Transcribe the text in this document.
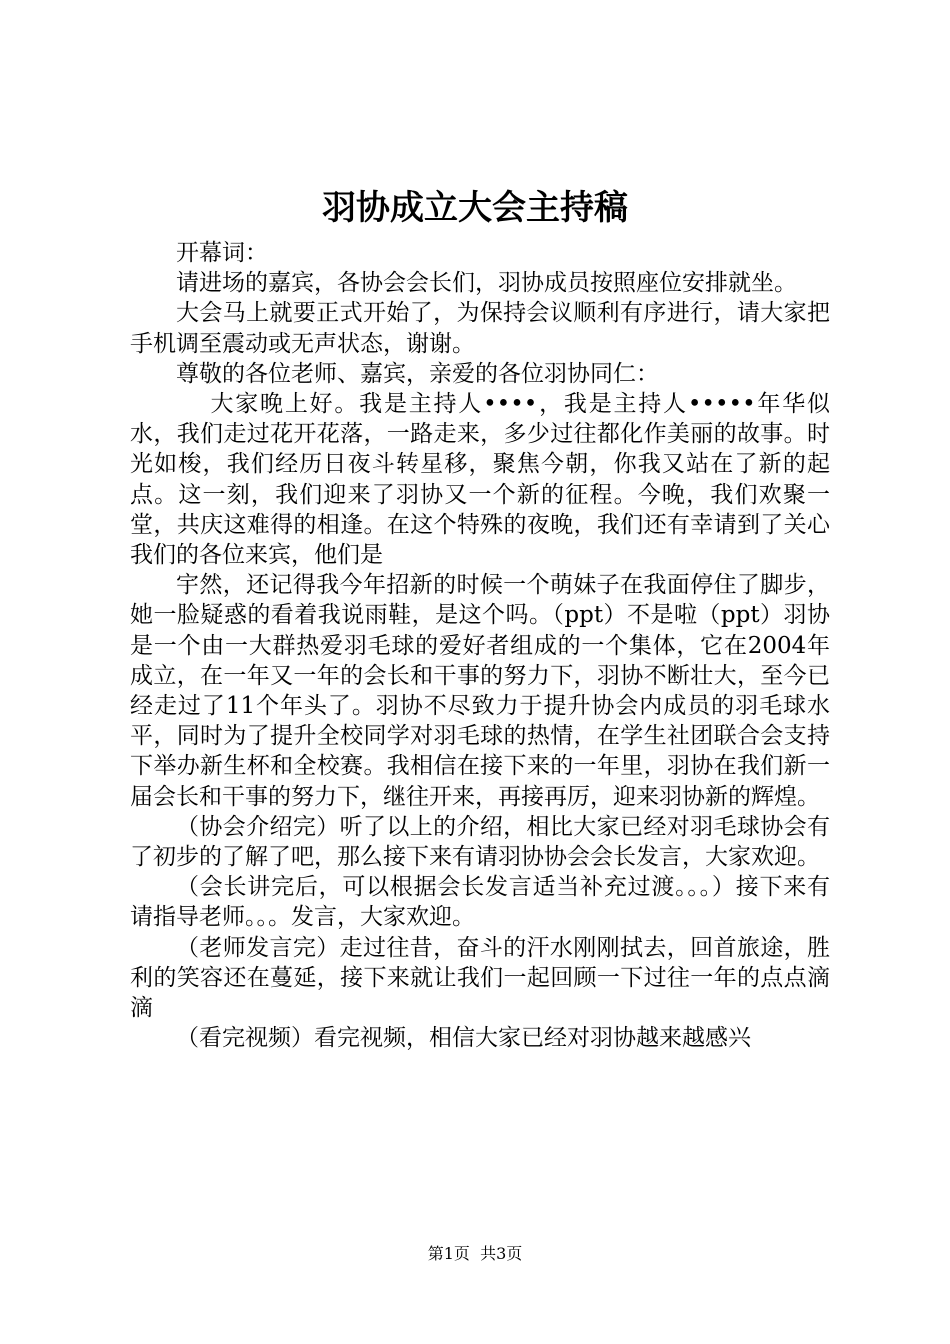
羽协成立大会主持稿

开幕词：

请进场的嘉宾，各协会会长们，羽协成员按照座位安排就坐。

大会马上就要正式开始了，为保持会议顺利有序进行，请大家把手机调至震动或无声状态，谢谢。

尊敬的各位老师、嘉宾，亲爱的各位羽协同仁：

大家晚上好。我是主持人••••，我是主持人•••••年华似水，我们走过花开花落，一路走来，多少过往都化作美丽的故事。时光如梭，我们经历日夜斗转星移，聚焦今朝，你我又站在了新的起点。这一刻，我们迎来了羽协又一个新的征程。今晚，我们欢聚一堂，共庆这难得的相逢。在这个特殊的夜晚，我们还有幸请到了关心我们的各位来宾，他们是

宇然，还记得我今年招新的时候一个萌妹子在我面停住了脚步，她一脸疑惑的看着我说雨鞋，是这个吗。（ppt）不是啦（ppt）羽协是一个由一大群热爱羽毛球的爱好者组成的一个集体，它在2004年成立，在一年又一年的会长和干事的努力下，羽协不断壮大，至今已经走过了11个年头了。羽协不尽致力于提升协会内成员的羽毛球水平，同时为了提升全校同学对羽毛球的热情，在学生社团联合会支持下举办新生杯和全校赛。我相信在接下来的一年里，羽协在我们新一届会长和干事的努力下，继往开来，再接再厉，迎来羽协新的辉煌。

（协会介绍完）听了以上的介绍，相比大家已经对羽毛球协会有了初步的了解了吧，那么接下来有请羽协协会会长发言，大家欢迎。

（会长讲完后，可以根据会长发言适当补充过渡。。。）接下来有请指导老师。。。发言，大家欢迎。

（老师发言完）走过往昔，奋斗的汗水刚刚拭去，回首旅途，胜利的笑容还在蔓延，接下来就让我们一起回顾一下过往一年的点点滴滴

（看完视频）看完视频，相信大家已经对羽协越来越感兴

第1页  共3页
